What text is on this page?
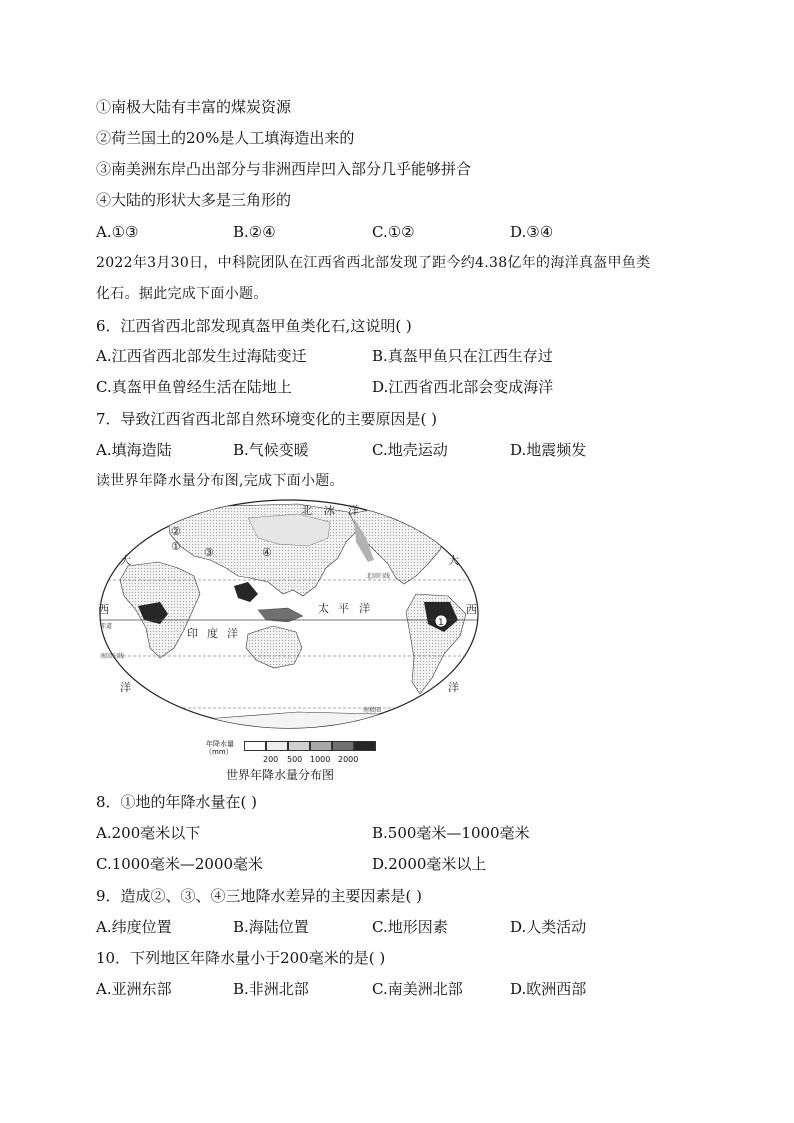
①南极大陆有丰富的煤炭资源
②荷兰国土的20%是人工填海造出来的
③南美洲东岸凸出部分与非洲西岸凹入部分几乎能够拼合
④大陆的形状大多是三角形的
A.①③	B.②④	C.①②	D.③④
2022年3月30日，中科院团队在江西省西北部发现了距今约4.38亿年的海洋真盔甲鱼类
化石。据此完成下面小题。
6．江西省西北部发现真盔甲鱼类化石,这说明( )
A.江西省西北部发生过海陆变迁	B.真盔甲鱼只在江西生存过
C.真盔甲鱼曾经生活在陆地上	D.江西省西北部会变成海洋
7．导致江西省西北部自然环境变化的主要原因是( )
A.填海造陆	B.气候变暖	C.地壳运动	D.地震频发
读世界年降水量分布图,完成下面小题。
北 冰 洋
大
西
洋
大
西
洋
太 平 洋
印 度 洋
北回归线
赤道
南回归线
南极圈
②
① ③	④
1
年降水量
（mm）
200 500 1000 2000
世界年降水量分布图
8．①地的年降水量在( )
A.200毫米以下	B.500毫米—1000毫米
C.1000毫米—2000毫米	D.2000毫米以上
9．造成②、③、④三地降水差异的主要因素是( )
A.纬度位置	B.海陆位置	C.地形因素	D.人类活动
10．下列地区年降水量小于200毫米的是( )
A.亚洲东部	B.非洲北部	C.南美洲北部	D.欧洲西部
